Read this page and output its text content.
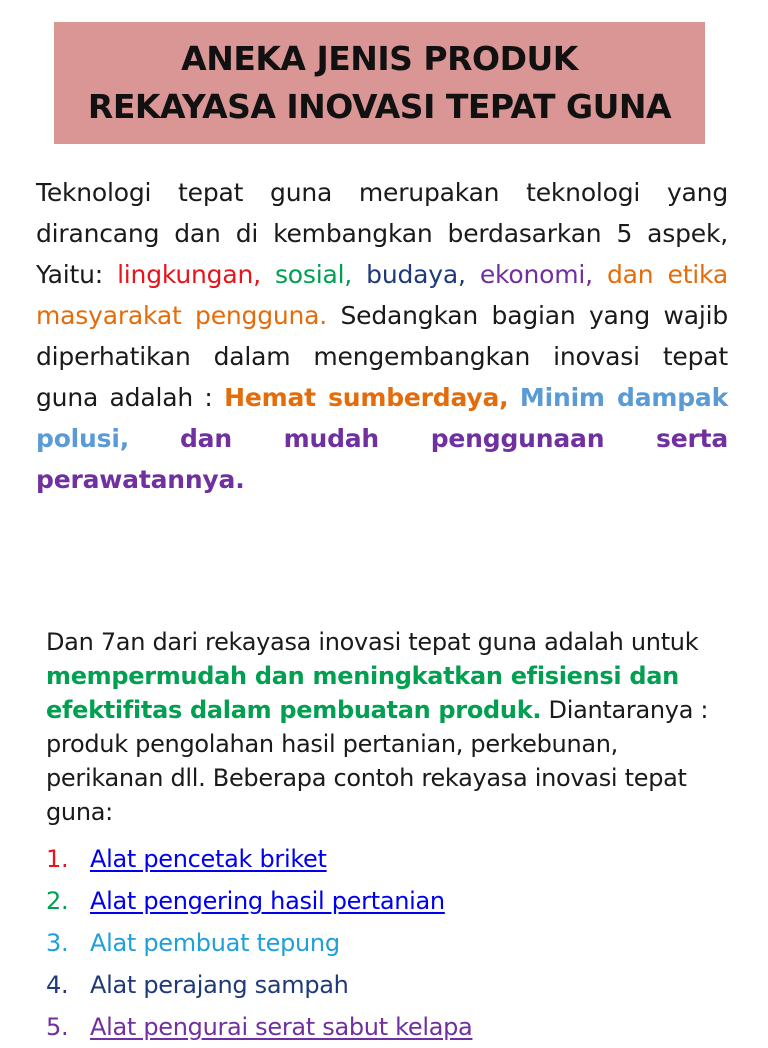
ANEKA JENIS PRODUK
REKAYASA INOVASI TEPAT GUNA
Teknologi tepat guna merupakan teknologi yang dirancang dan di kembangkan berdasarkan 5 aspek, Yaitu: lingkungan, sosial, budaya, ekonomi, dan etika masyarakat pengguna. Sedangkan bagian yang wajib diperhatikan dalam mengembangkan inovasi tepat guna adalah : Hemat sumberdaya, Minim dampak polusi, dan mudah penggunaan serta perawatannya.
Dan 7an dari rekayasa inovasi tepat guna adalah untuk mempermudah dan meningkatkan efisiensi dan efektifitas dalam pembuatan produk. Diantaranya : produk pengolahan hasil pertanian, perkebunan, perikanan dll. Beberapa contoh rekayasa inovasi tepat guna:
1. Alat pencetak briket
2. Alat pengering hasil pertanian
3. Alat pembuat tepung
4. Alat perajang sampah
5. Alat pengurai serat sabut kelapa
